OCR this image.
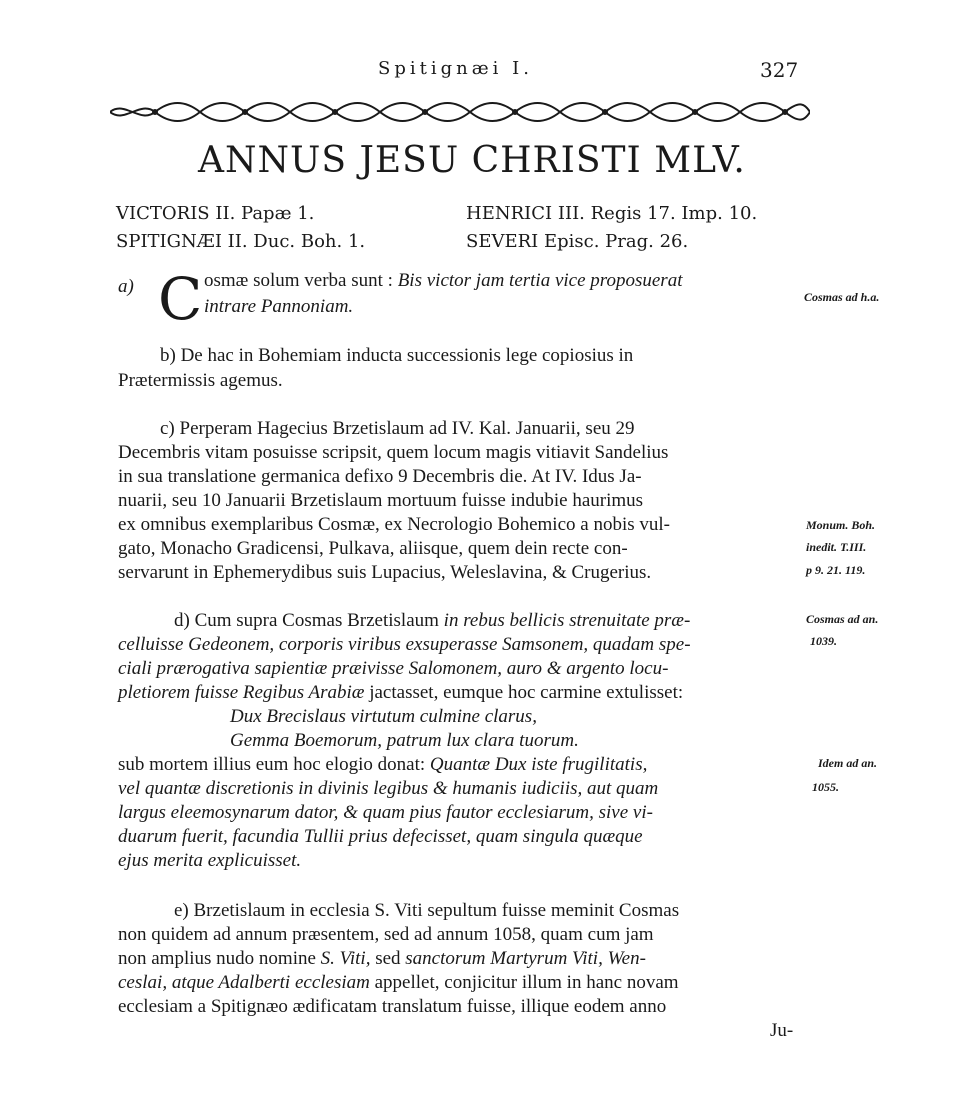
Spitignæi I.	327
ANNUS JESU CHRISTI MLV.
VICTORIS II. Papæ 1.
SPITIGNÆI II. Duc. Boh. 1.
HENRICI III. Regis 17. Imp. 10.
SEVERI Episc. Prag. 26.
a) C osmæ solum verba sunt : Bis victor jam tertia vice proposuerat
intrare Pannoniam.	Cosmas ad h.a.
b) De hac in Bohemiam inducta successionis lege copiosius in
Prætermissis agemus.
c) Perperam Hagecius Brzetislaum ad IV. Kal. Januarii, seu 29
Decembris vitam posuisse scripsit, quem locum magis vitiavit Sandelius
in sua translatione germanica defixo 9 Decembris die. At IV. Idus Ja-
nuarii, seu 10 Januarii Brzetislaum mortuum fuisse indubie haurimus
ex omnibus exemplaribus Cosmæ, ex Necrologio Bohemico a nobis vul-
gato, Monacho Gradicensi, Pulkava, aliisque, quem dein recte con-
servarunt in Ephemerydibus suis Lupacius, Weleslavina, & Crugerius.
Monum. Boh.
inedit. T.III.
p 9. 21. 119.
d) Cum supra Cosmas Brzetislaum in rebus bellicis strenuitate præ-
celluisse Gedeonem, corporis viribus exsuperasse Samsonem, quadam spe-
ciali prærogativa sapientiæ præivisse Salomonem, auro & argento locu-
pletiorem fuisse Regibus Arabiæ jactasset, eumque hoc carmine extulisset:
Dux Brecislaus virtutum culmine clarus,
Gemma Boemorum, patrum lux clara tuorum.
sub mortem illius eum hoc elogio donat: Quantæ Dux iste frugilitatis,
vel quantæ discretionis in divinis legibus & humanis iudiciis, aut quam
largus eleemosynarum dator, & quam pius fautor ecclesiarum, sive vi-
duarum fuerit, facundia Tullii prius defecisset, quam singula quæque
ejus merita explicuisset.
Cosmas ad an.
1039.
Idem ad an.
1055.
e) Brzetislaum in ecclesia S. Viti sepultum fuisse meminit Cosmas
non quidem ad annum præsentem, sed ad annum 1058, quam cum jam
non amplius nudo nomine S. Viti, sed sanctorum Martyrum Viti, Wen-
ceslai, atque Adalberti ecclesiam appellet, conjicitur illum in hanc novam
ecclesiam a Spitignæo ædificatam translatum fuisse, illique eodem anno
Ju-
